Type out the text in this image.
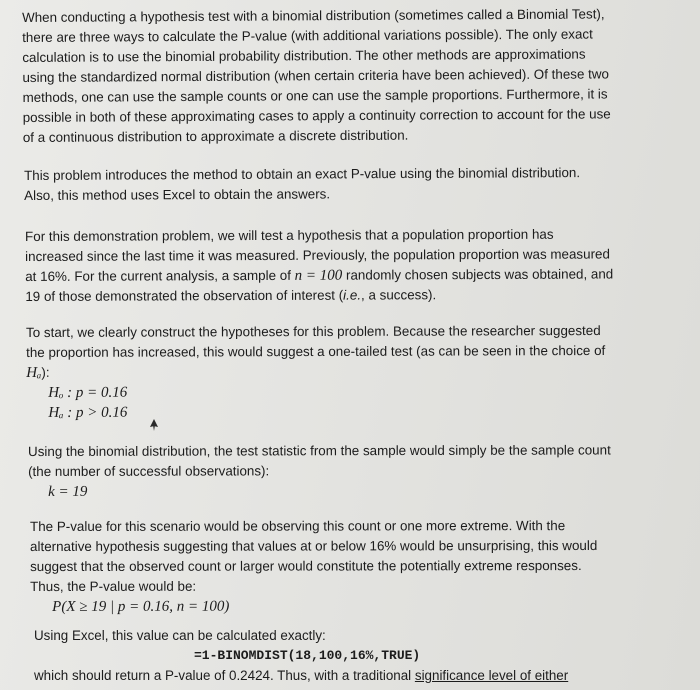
When conducting a hypothesis test with a binomial distribution (sometimes called a Binomial Test),
there are three ways to calculate the P-value (with additional variations possible). The only exact
calculation is to use the binomial probability distribution. The other methods are approximations
using the standardized normal distribution (when certain criteria have been achieved). Of these two
methods, one can use the sample counts or one can use the sample proportions. Furthermore, it is
possible in both of these approximating cases to apply a continuity correction to account for the use
of a continuous distribution to approximate a discrete distribution.
This problem introduces the method to obtain an exact P-value using the binomial distribution.
Also, this method uses Excel to obtain the answers.
For this demonstration problem, we will test a hypothesis that a population proportion has
increased since the last time it was measured. Previously, the population proportion was measured
at 16%. For the current analysis, a sample of n = 100 randomly chosen subjects was obtained, and
19 of those demonstrated the observation of interest (i.e., a success).
To start, we clearly construct the hypotheses for this problem. Because the researcher suggested
the proportion has increased, this would suggest a one-tailed test (as can be seen in the choice of
Hₐ):
Hₒ : p = 0.16
Hₐ : p > 0.16
Using the binomial distribution, the test statistic from the sample would simply be the sample count
(the number of successful observations):
k = 19
The P-value for this scenario would be observing this count or one more extreme. With the
alternative hypothesis suggesting that values at or below 16% would be unsurprising, this would
suggest that the observed count or larger would constitute the potentially extreme responses.
Thus, the P-value would be:
P(X ≥ 19 | p = 0.16, n = 100)
Using Excel, this value can be calculated exactly:
=1-BINOMDIST(18,100,16%,TRUE)
which should return a P-value of 0.2424. Thus, with a traditional significance level of either
